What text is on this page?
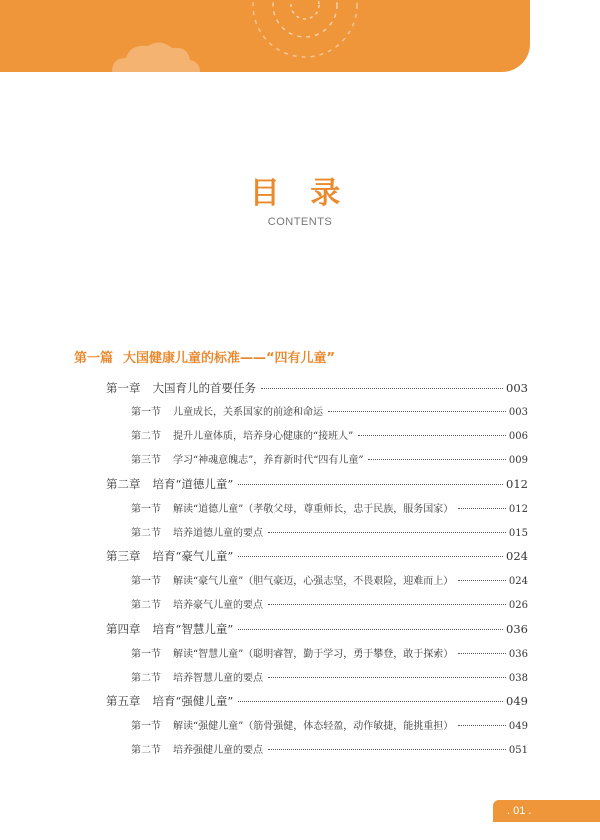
目 录
CONTENTS
第一篇 大国健康儿童的标准——“四有儿童”
第一章 大国育儿的首要任务	003
第一节 儿童成长，关系国家的前途和命运	003
第二节 提升儿童体质，培养身心健康的“接班人”	006
第三节 学习“神魂意魄志”，养育新时代“四有儿童”	009
第二章 培育“道德儿童”	012
第一节 解读“道德儿童”（孝敬父母，尊重师长，忠于民族，服务国家）	012
第二节 培养道德儿童的要点	015
第三章 培育“豪气儿童”	024
第一节 解读“豪气儿童”（胆气豪迈，心强志坚，不畏艰险，迎难而上）	024
第二节 培养豪气儿童的要点	026
第四章 培育“智慧儿童”	036
第一节 解读“智慧儿童”（聪明睿智，勤于学习，勇于攀登，敢于探索）	036
第二节 培养智慧儿童的要点	038
第五章 培育“强健儿童”	049
第一节 解读“强健儿童”（筋骨强健，体态轻盈，动作敏捷，能挑重担）	049
第二节 培养强健儿童的要点	051
. 01 .
